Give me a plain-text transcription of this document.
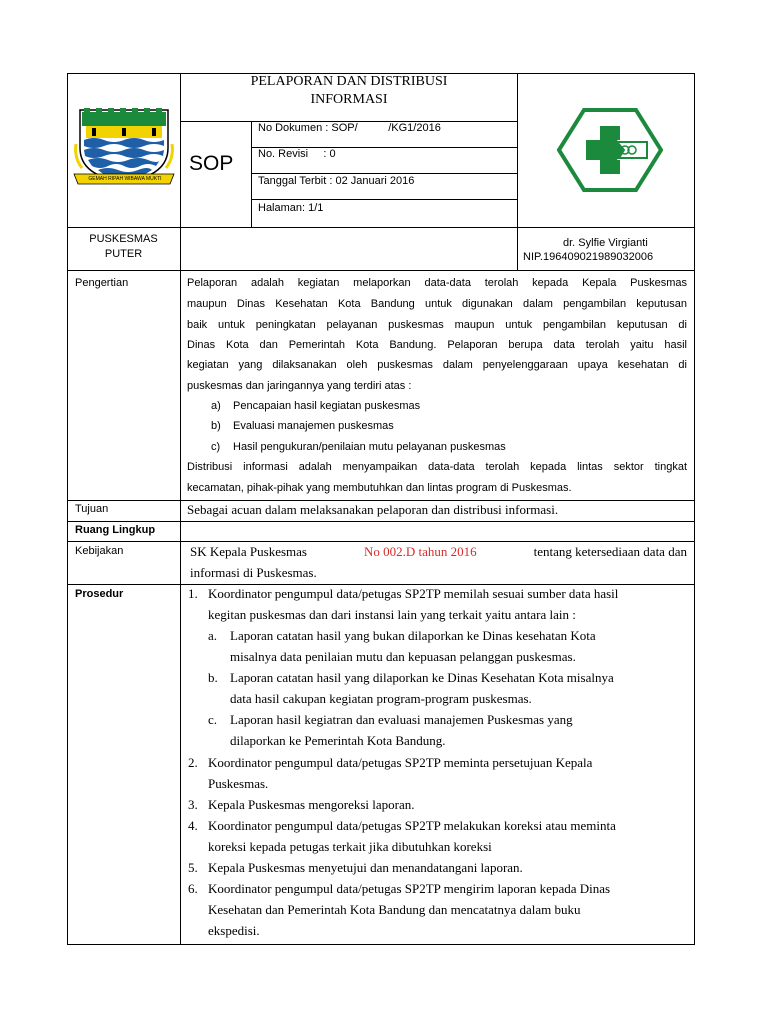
GEMAH RIPAH WIBAWA MUKTI
PELAPORAN DAN DISTRIBUSI
INFORMASI
SOP
No Dokumen : SOP/          /KG1/2016
No. Revisi     : 0
Tanggal Terbit : 02 Januari 2016
Halaman: 1/1
PUSKESMAS
PUTER
dr. Sylfie Virgianti
NIP.196409021989032006
Pengertian	Pelaporan adalah kegiatan melaporkan data-data terolah kepada Kepala Puskesmas
maupun Dinas Kesehatan Kota Bandung untuk digunakan dalam pengambilan keputusan
baik untuk peningkatan pelayanan puskesmas maupun untuk pengambilan keputusan di
Dinas Kota dan Pemerintah Kota Bandung. Pelaporan berupa data terolah yaitu hasil
kegiatan yang dilaksanakan oleh puskesmas dalam penyelenggaraan upaya kesehatan di
puskesmas dan jaringannya yang terdiri atas :
a) Pencapaian hasil kegiatan puskesmas
b) Evaluasi manajemen puskesmas
c) Hasil pengukuran/penilaian mutu pelayanan puskesmas
Distribusi informasi adalah menyampaikan data-data terolah kepada lintas sektor tingkat
kecamatan, pihak-pihak yang membutuhkan dan lintas program di Puskesmas.
Tujuan	Sebagai acuan dalam melaksanakan pelaporan dan distribusi informasi.
Ruang Lingkup
Kebijakan	SK Kepala Puskesmas	No 002.D tahun 2016	tentang ketersediaan data dan
informasi di Puskesmas.
Prosedur	1. Koordinator pengumpul data/petugas SP2TP memilah sesuai sumber data hasil
kegitan puskesmas dan dari instansi lain yang terkait yaitu antara lain :
a. Laporan catatan hasil yang bukan dilaporkan ke Dinas kesehatan Kota
misalnya data penilaian mutu dan kepuasan pelanggan puskesmas.
b. Laporan catatan hasil yang dilaporkan ke Dinas Kesehatan Kota misalnya
data hasil cakupan kegiatan program-program puskesmas.
c. Laporan hasil kegiatran dan evaluasi manajemen Puskesmas yang
dilaporkan ke Pemerintah Kota Bandung.
2. Koordinator pengumpul data/petugas SP2TP meminta persetujuan Kepala
Puskesmas.
3. Kepala Puskesmas mengoreksi laporan.
4. Koordinator pengumpul data/petugas SP2TP melakukan koreksi atau meminta
koreksi kepada petugas terkait jika dibutuhkan koreksi
5. Kepala Puskesmas menyetujui dan menandatangani laporan.
6. Koordinator pengumpul data/petugas SP2TP mengirim laporan kepada Dinas
Kesehatan dan Pemerintah Kota Bandung dan mencatatnya dalam buku
ekspedisi.
